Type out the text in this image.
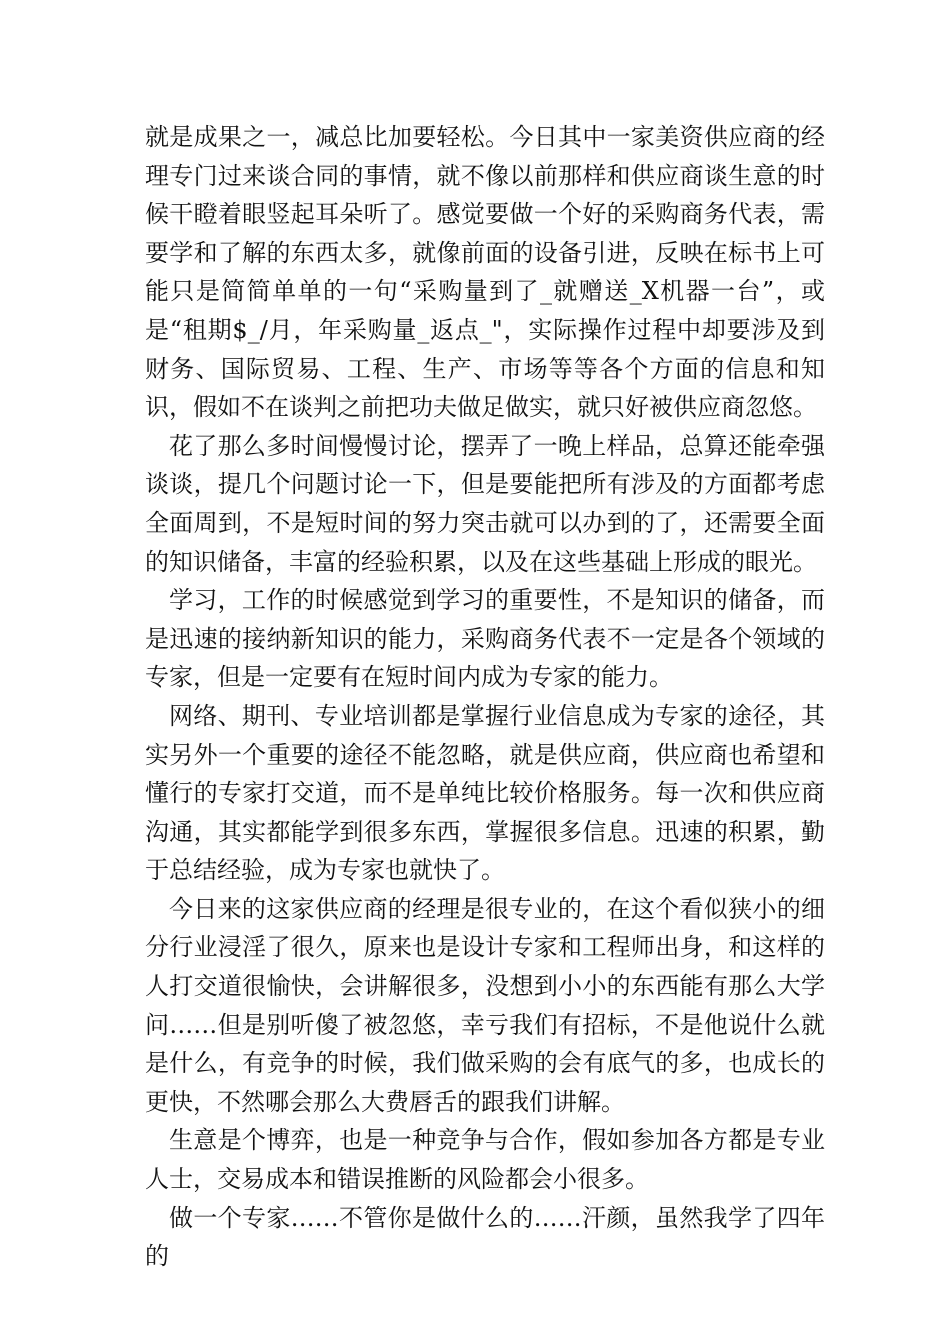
就是成果之一，减总比加要轻松。今日其中一家美资供应商的经理专门过来谈合同的事情，就不像以前那样和供应商谈生意的时候干瞪着眼竖起耳朵听了。感觉要做一个好的采购商务代表，需要学和了解的东西太多，就像前面的设备引进，反映在标书上可能只是简简单单的一句“采购量到了_就赠送_X机器一台”，或是“租期$_/月，年采购量_返点_"，实际操作过程中却要涉及到财务、国际贸易、工程、生产、市场等等各个方面的信息和知识，假如不在谈判之前把功夫做足做实，就只好被供应商忽悠。

花了那么多时间慢慢讨论，摆弄了一晚上样品，总算还能牵强谈谈，提几个问题讨论一下，但是要能把所有涉及的方面都考虑全面周到，不是短时间的努力突击就可以办到的了，还需要全面的知识储备，丰富的经验积累，以及在这些基础上形成的眼光。

学习，工作的时候感觉到学习的重要性，不是知识的储备，而是迅速的接纳新知识的能力，采购商务代表不一定是各个领域的专家，但是一定要有在短时间内成为专家的能力。

网络、期刊、专业培训都是掌握行业信息成为专家的途径，其实另外一个重要的途径不能忽略，就是供应商，供应商也希望和懂行的专家打交道，而不是单纯比较价格服务。每一次和供应商沟通，其实都能学到很多东西，掌握很多信息。迅速的积累，勤于总结经验，成为专家也就快了。

今日来的这家供应商的经理是很专业的，在这个看似狭小的细分行业浸淫了很久，原来也是设计专家和工程师出身，和这样的人打交道很愉快，会讲解很多，没想到小小的东西能有那么大学问……但是别听傻了被忽悠，幸亏我们有招标，不是他说什么就是什么，有竞争的时候，我们做采购的会有底气的多，也成长的更快，不然哪会那么大费唇舌的跟我们讲解。

生意是个博弈，也是一种竞争与合作，假如参加各方都是专业人士，交易成本和错误推断的风险都会小很多。

做一个专家……不管你是做什么的……汗颜，虽然我学了四年的
